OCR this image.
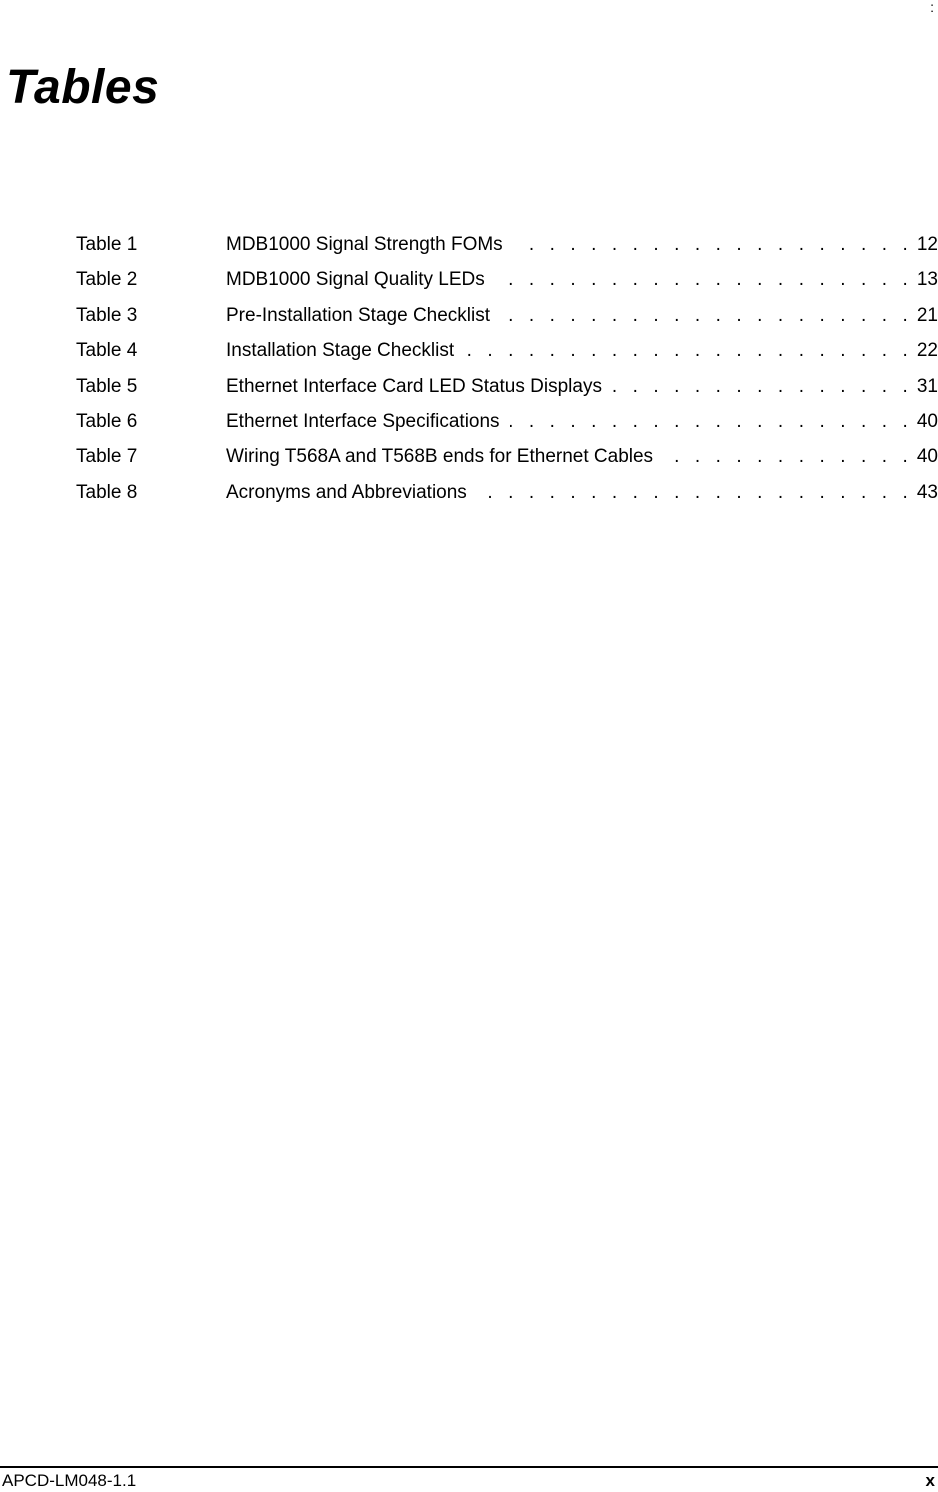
:
Tables
Table 1	MDB1000 Signal Strength FOMs . . .	12
Table 2	MDB1000 Signal Quality LEDs . . .	13
Table 3	Pre-Installation Stage Checklist . . .	21
Table 4	Installation Stage Checklist . . .	22
Table 5	Ethernet Interface Card LED Status Displays . . .	31
Table 6	Ethernet Interface Specifications . . .	40
Table 7	Wiring T568A and T568B ends for Ethernet Cables . . .	40
Table 8	Acronyms and Abbreviations . . .	43
APCD-LM048-1.1	x
